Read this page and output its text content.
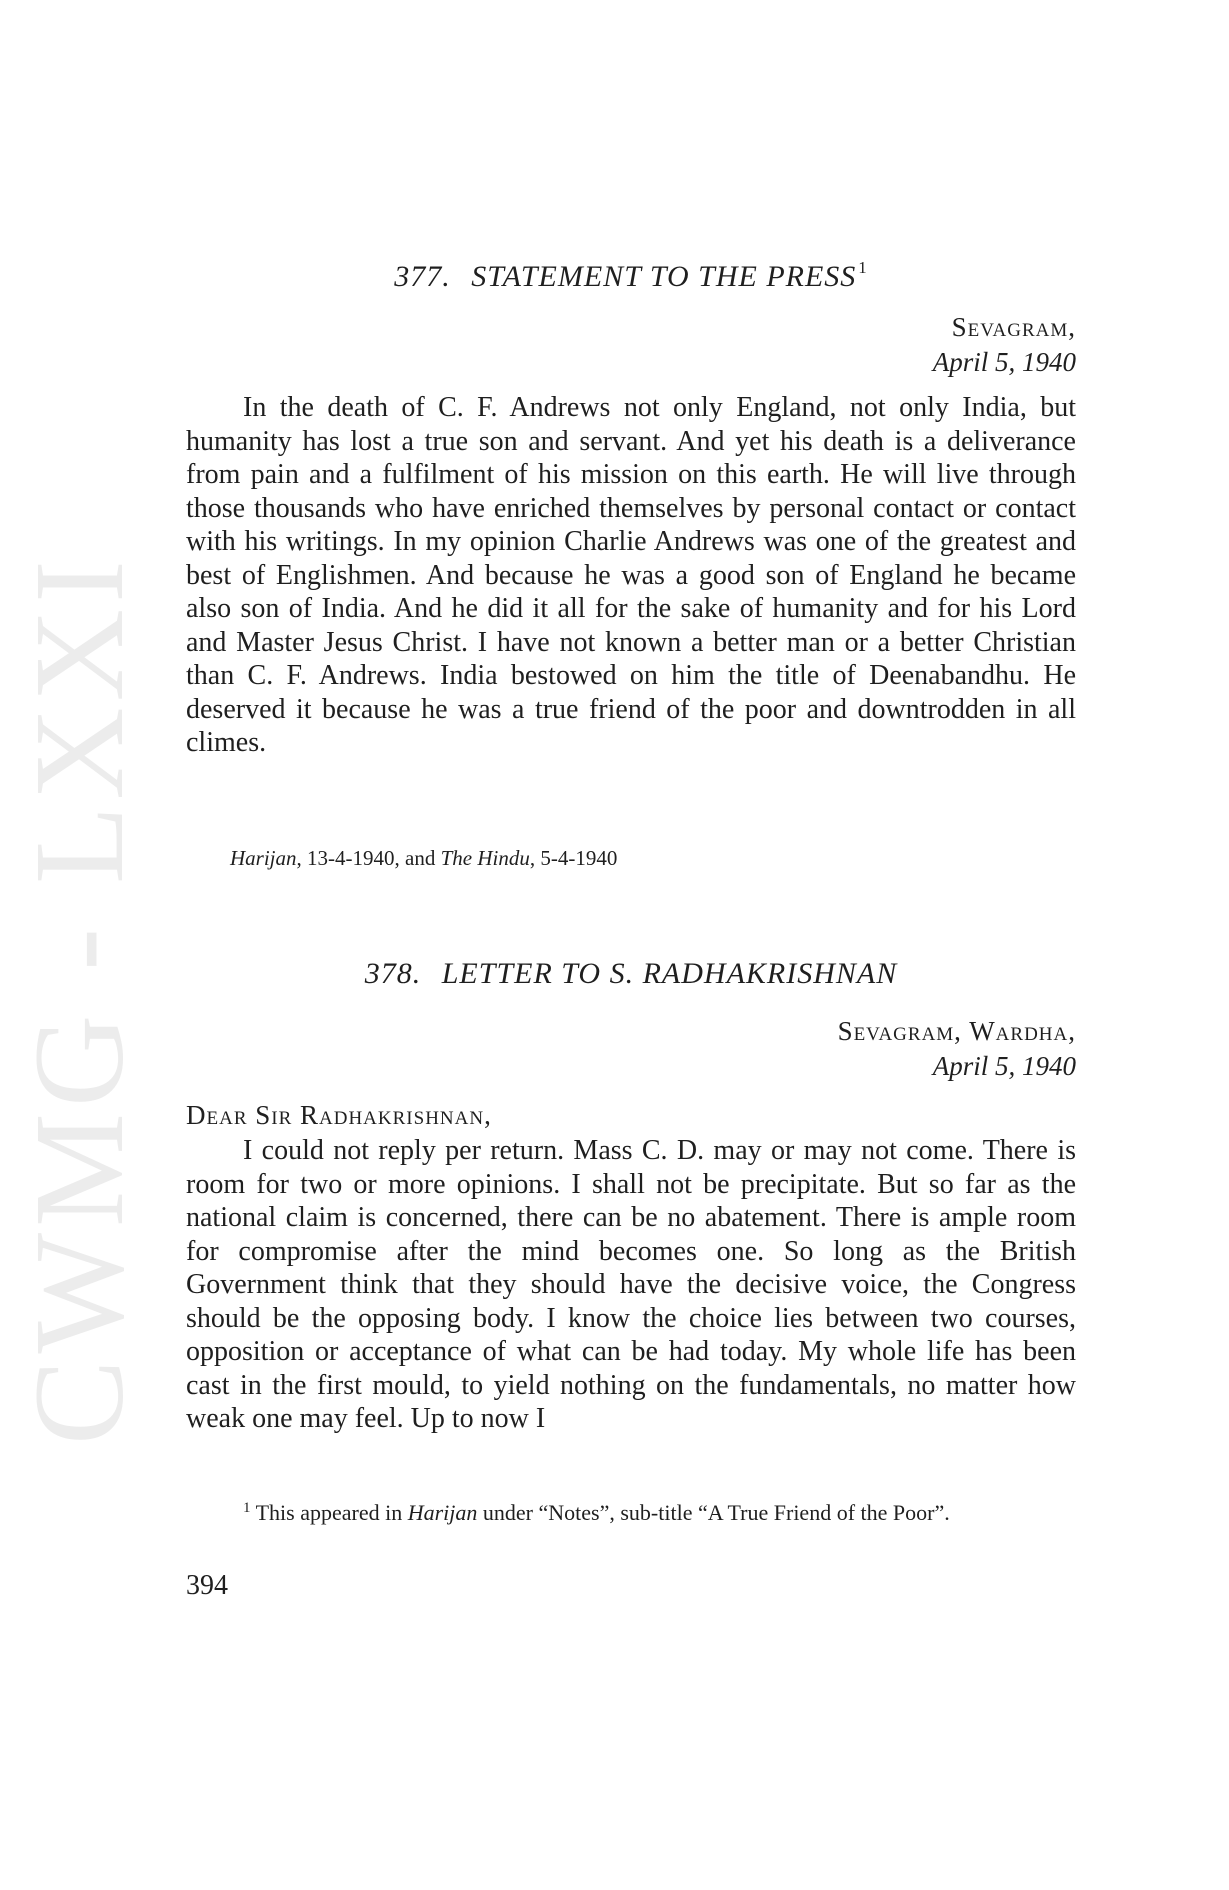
CWMG - LXXI
377. STATEMENT TO THE PRESS $^1$
Sevagram,
April 5, 1940

In the death of C. F. Andrews not only England, not only India, but humanity has lost a true son and servant. And yet his death is a deliverance from pain and a fulfilment of his mission on this earth. He will live through those thousands who have enriched themselves by personal contact or contact with his writings. In my opinion Charlie Andrews was one of the greatest and best of Englishmen. And because he was a good son of England he became also son of India. And he did it all for the sake of humanity and for his Lord and Master Jesus Christ. I have not known a better man or a better Christian than C. F. Andrews. India bestowed on him the title of Deenabandhu. He deserved it because he was a true friend of the poor and downtrodden in all climes.

Harijan, 13-4-1940, and The Hindu, 5-4-1940
378. LETTER TO S. RADHAKRISHNAN
Sevagram, Wardha,
April 5, 1940
Dear Sir Radhakrishnan,

I could not reply per return. Mass C. D. may or may not come. There is room for two or more opinions. I shall not be precipitate. But so far as the national claim is concerned, there can be no abatement. There is ample room for compromise after the mind becomes one. So long as the British Government think that they should have the decisive voice, the Congress should be the opposing body. I know the choice lies between two courses, opposition or acceptance of what can be had today. My whole life has been cast in the first mould, to yield nothing on the fundamentals, no matter how weak one may feel. Up to now I

$^1$ This appeared in Harijan under “Notes”, sub-title “A True Friend of the Poor”.

394
